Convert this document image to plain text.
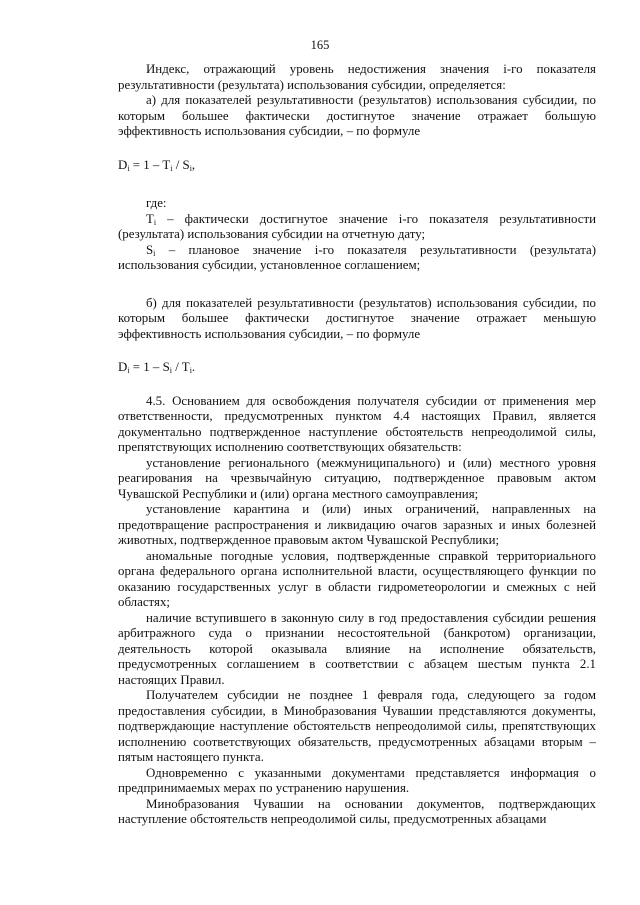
165

Индекс, отражающий уровень недостижения значения i-го показателя результативности (результата) использования субсидии, определяется:

а) для показателей результативности (результатов) использования субсидии, по которым большее фактически достигнутое значение отражает большую эффективность использования субсидии, – по формуле

$D_i = 1 - T_i / S_i$,

где:

$T_i$ – фактически достигнутое значение i-го показателя результативности (результата) использования субсидии на отчетную дату;

$S_i$ – плановое значение i-го показателя результативности (результата) использования субсидии, установленное соглашением;

б) для показателей результативности (результатов) использования субсидии, по которым большее фактически достигнутое значение отражает меньшую эффективность использования субсидии, – по формуле

$D_i = 1 - S_i / T_i$.

4.5. Основанием для освобождения получателя субсидии от применения мер ответственности, предусмотренных пунктом 4.4 настоящих Правил, является документально подтвержденное наступление обстоятельств непреодолимой силы, препятствующих исполнению соответствующих обязательств:

установление регионального (межмуниципального) и (или) местного уровня реагирования на чрезвычайную ситуацию, подтвержденное правовым актом Чувашской Республики и (или) органа местного самоуправления;

установление карантина и (или) иных ограничений, направленных на предотвращение распространения и ликвидацию очагов заразных и иных болезней животных, подтвержденное правовым актом Чувашской Республики;

аномальные погодные условия, подтвержденные справкой территориального органа федерального органа исполнительной власти, осуществляющего функции по оказанию государственных услуг в области гидрометеорологии и смежных с ней областях;

наличие вступившего в законную силу в год предоставления субсидии решения арбитражного суда о признании несостоятельной (банкротом) организации, деятельность которой оказывала влияние на исполнение обязательств, предусмотренных соглашением в соответствии с абзацем шестым пункта 2.1 настоящих Правил.

Получателем субсидии не позднее 1 февраля года, следующего за годом предоставления субсидии, в Минобразования Чувашии представляются документы, подтверждающие наступление обстоятельств непреодолимой силы, препятствующих исполнению соответствующих обязательств, предусмотренных абзацами вторым – пятым настоящего пункта.

Одновременно с указанными документами представляется информация о предпринимаемых мерах по устранению нарушения.

Минобразования Чувашии на основании документов, подтверждающих наступление обстоятельств непреодолимой силы, предусмотренных абзацами
